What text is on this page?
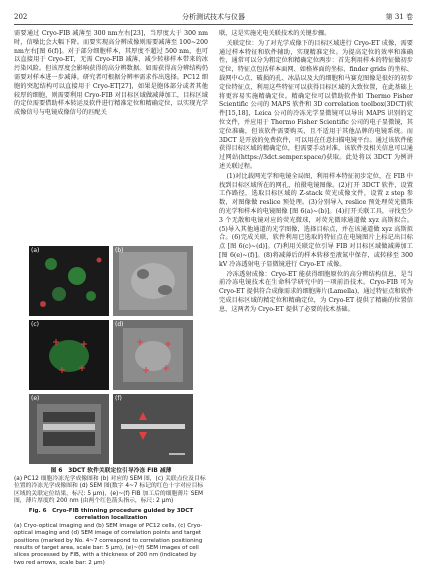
202	分析测试技术与仪器	第 31 卷

需要通过 Cryo-FIB 减薄至 300 nm左右[23]，当厚度大于 300 nm时，信噪比会大幅下降。而要实现高分辨成像则需要减薄至 100~200 nm左右[图 6(f)]。对于部分细胞样本，其厚度不超过 500 nm，也可以直接用于 Cryo-ET，无需 Cryo-FIB 减薄，减少转移样本带来的冰污染风险。但该厚度会影响获得的高分辨数据。如需获得高分辨结构仍需要对样本进一步减薄。研究者可根据分辨率需求作出选择。PC12 细胞的突起结构可以直接用于 Cryo-ET[27]，如果是胞体部分或者其他较厚的细胞，则需要利用 Cryo-FIB 对目标区域做减薄加工，目标区域的定位需要借助样本转运及软件进行精准定位和精确定位，以实现光学成像信号与电镜成像信号的匹配关

(a)	(b)
(c)	(d)
(e)	(f)
图 6　3DCT 软件关联定位引导冷冻 FIB 减薄
(a) PC12 细胞冷冻光学成像图和 (b) 对应的 SEM 图，(c) 关联点位及目标位置的冷冻光学成像图和 (d) SEM 图(数字 4~7 标记的红色十字对应目标区域的关联定位结果，标尺: 5 μm)，(e)~(f) FIB 加工后的细胞薄片 SEM 图，薄片厚度约 200 nm (由两个红色箭头指示，标尺: 2 μm)
Fig. 6　Cryo-FIB thinning procedure guided by 3DCT correlation localization
(a) Cryo-optical imaging and (b) SEM image of PC12 cells, (c) Cryo-optical imaging and (d) SEM image of correlation points and target positions (marked by No. 4~7 correspond to correlation positioning results of target area, scale bar: 5 μm), (e)~(f) SEM images of cell slices processed by FIB, with a thickness of 200 nm (indicated by two red arrows, scale bar: 2 μm)

联，这是实施光电关联技术的关键步骤。

关联定位：为了对光学成像下的目标区域进行 Cryo-ET 成像，需要通过样本特征和软件辅助，实现精准定位。为提高定位的效率和准确性，通常可以分为粗定位和精确定位两步：首先利用样本的特征做初步定位，特征点包括样本面网、如格界面的坐标、finder grids 的坐标、载网中心点、破损的孔、冰晶以及大的细胞和马赛克图像是很好的初步定位特征点，利用这些特征可以获得目标区域的大致位置，在此基础上将更容易实施精确定位。精确定位可以借助软件如 Thermo Fisher Scientific 公司的 MAPS 软件和 3D correlation toolbox(3DCT)软件[15,18]，Leica 公司的冷冻光学显微镜可以导出 MAPS 识别的定位文件，并应用于 Thermo Fisher Scientific 公司的电子显微镜，其定位准确，但该软件需要购买，且不适用于其他品牌的电镜系统。而 3DCT 是开放的免费软件，可以用在任意扫描电镜平台。通过该软件能获得目标区域的精确定位，但需要手动对准，该软件及相关信息可以通过网站(https://3dct.semper.space/)获取。此处将以 3DCT 为例讲述关联过程。

(1)对比载网光学和电镜全局图，利用样本特征初步定位，在 FIB 中找到目标区域所在的网孔，拍摄电镜图像。(2)打开 3DCT 软件，设置工作路径，选取目标区域的 Z-stack 荧光成像文件，设置 z step 参数，对图像做 reslice 预处理。(3)分别导入 reslice 预处理荧光微珠的光学和样本的电镜图像 [图 6(a)~(b)]。(4)打开关联工具，寻找至少 3 个无散和电镜对应的荧光微球，对荧光微球通道做 xyz 高斯拟合。(5)导入其他通道的光学图像，选择目标点，并在该通道做 xyz 高斯拟合。(6)完成关联，软件利用已选取的特征点在电镜图片上标记出目标点 [图 6(c)~(d)]。(7)利用关联定位引导 FIB 对目标区域做减薄加工 [图 6(e)~(f)]。(8)将减薄后的样本转移至液氮中保存，或转移至 300 kV 冷冻透射电子显微镜进行 Cryo-ET 成像。

冷冻透射成像：Cryo-ET 能获得细胞原位的高分辨结构信息，是当前冷冻电镜技术在生命科学研究中的一项前沿技术。Cryo-FIB 可为 Cryo-ET 提供符合成像需求的细胞薄片(Lamella)，通过特征点和软件完成目标区域的精定位和精确定位，为 Cryo-ET 提供了精确的位置信息，这两者为 Cryo-ET 提供了必要的技术基础。
